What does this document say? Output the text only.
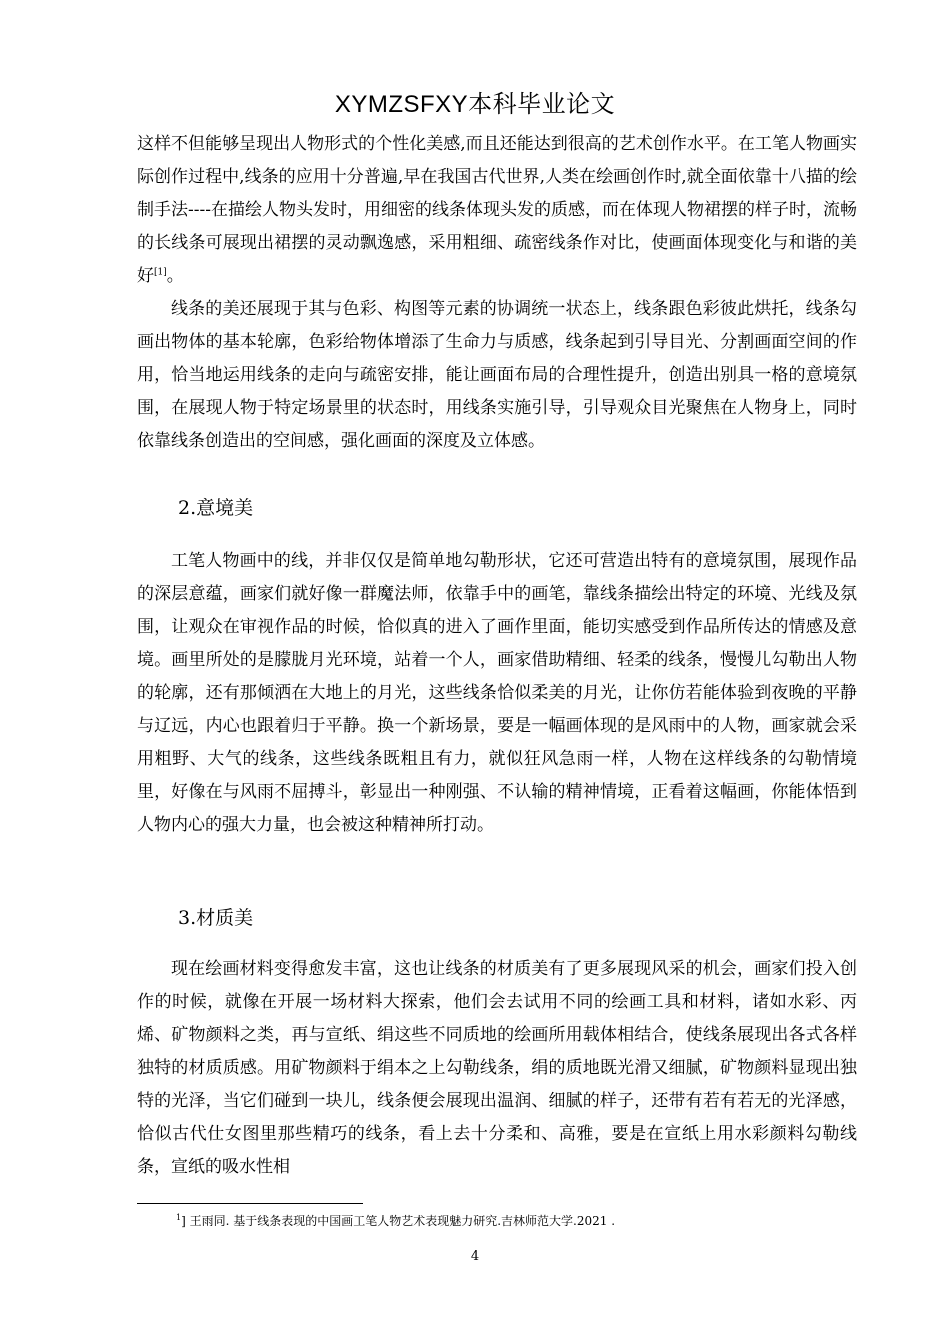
XYMZSFXY本科毕业论文

这样不但能够呈现出人物形式的个性化美感,而且还能达到很高的艺术创作水平。在工笔人物画实际创作过程中,线条的应用十分普遍,早在我国古代世界,人类在绘画创作时,就全面依靠十八描的绘制手法----在描绘人物头发时，用细密的线条体现头发的质感，而在体现人物裙摆的样子时，流畅的长线条可展现出裙摆的灵动飘逸感，采用粗细、疏密线条作对比，使画面体现变化与和谐的美好[1]。

线条的美还展现于其与色彩、构图等元素的协调统一状态上，线条跟色彩彼此烘托，线条勾画出物体的基本轮廓，色彩给物体增添了生命力与质感，线条起到引导目光、分割画面空间的作用，恰当地运用线条的走向与疏密安排，能让画面布局的合理性提升，创造出别具一格的意境氛围，在展现人物于特定场景里的状态时，用线条实施引导，引导观众目光聚焦在人物身上，同时依靠线条创造出的空间感，强化画面的深度及立体感。

2.意境美

工笔人物画中的线，并非仅仅是简单地勾勒形状，它还可营造出特有的意境氛围，展现作品的深层意蕴，画家们就好像一群魔法师，依靠手中的画笔，靠线条描绘出特定的环境、光线及氛围，让观众在审视作品的时候，恰似真的进入了画作里面，能切实感受到作品所传达的情感及意境。画里所处的是朦胧月光环境，站着一个人，画家借助精细、轻柔的线条，慢慢儿勾勒出人物的轮廓，还有那倾洒在大地上的月光，这些线条恰似柔美的月光，让你仿若能体验到夜晚的平静与辽远，内心也跟着归于平静。换一个新场景，要是一幅画体现的是风雨中的人物，画家就会采用粗野、大气的线条，这些线条既粗且有力，就似狂风急雨一样，人物在这样线条的勾勒情境里，好像在与风雨不屈搏斗，彰显出一种刚强、不认输的精神情境，正看着这幅画，你能体悟到人物内心的强大力量，也会被这种精神所打动。

3.材质美

现在绘画材料变得愈发丰富，这也让线条的材质美有了更多展现风采的机会，画家们投入创作的时候，就像在开展一场材料大探索，他们会去试用不同的绘画工具和材料，诸如水彩、丙烯、矿物颜料之类，再与宣纸、绢这些不同质地的绘画所用载体相结合，使线条展现出各式各样独特的材质质感。用矿物颜料于绢本之上勾勒线条，绢的质地既光滑又细腻，矿物颜料显现出独特的光泽，当它们碰到一块儿，线条便会展现出温润、细腻的样子，还带有若有若无的光泽感，恰似古代仕女图里那些精巧的线条，看上去十分柔和、高雅，要是在宣纸上用水彩颜料勾勒线条，宣纸的吸水性相

$^1$] 王雨同. 基于线条表现的中国画工笔人物艺术表现魅力研究.吉林师范大学.2021 .
4
